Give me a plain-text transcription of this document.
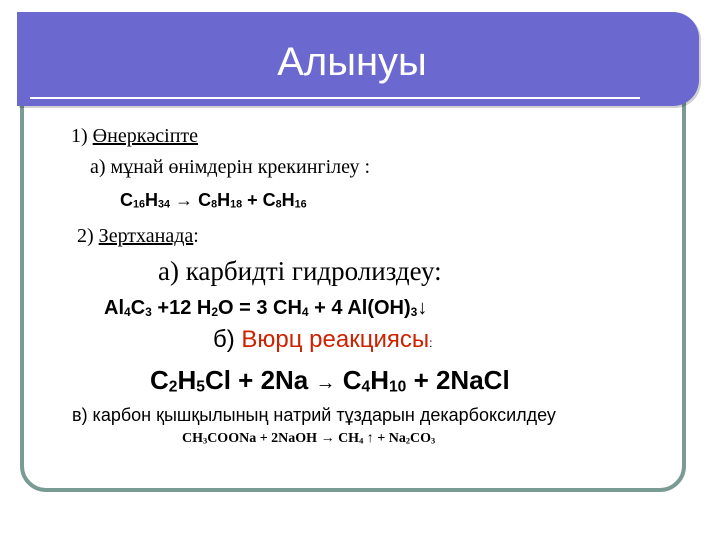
Алынуы
1) Өнеркәсіпте
а) мұнай өнімдерін крекингілеу :
$C_{16}H_{34} \to C_8H_{18} + C_8H_{16}$
2) Зертханада:
а) карбидті гидролиздеу:
$Al_4C_3 +12$ $H_2O = 3$ $CH_4 + 4$ $Al(OH)_3↓$
б) Вюрц реакциясы:
$C_2H_5Cl + 2Na \to C_4H_{10}$ + 2NaCl
в) карбон қышқылының натрий тұздарын декарбоксилдеу
$CH_3COONa$ + 2NaOH → $CH_4$ ↑ + $Na_2CO_3$
